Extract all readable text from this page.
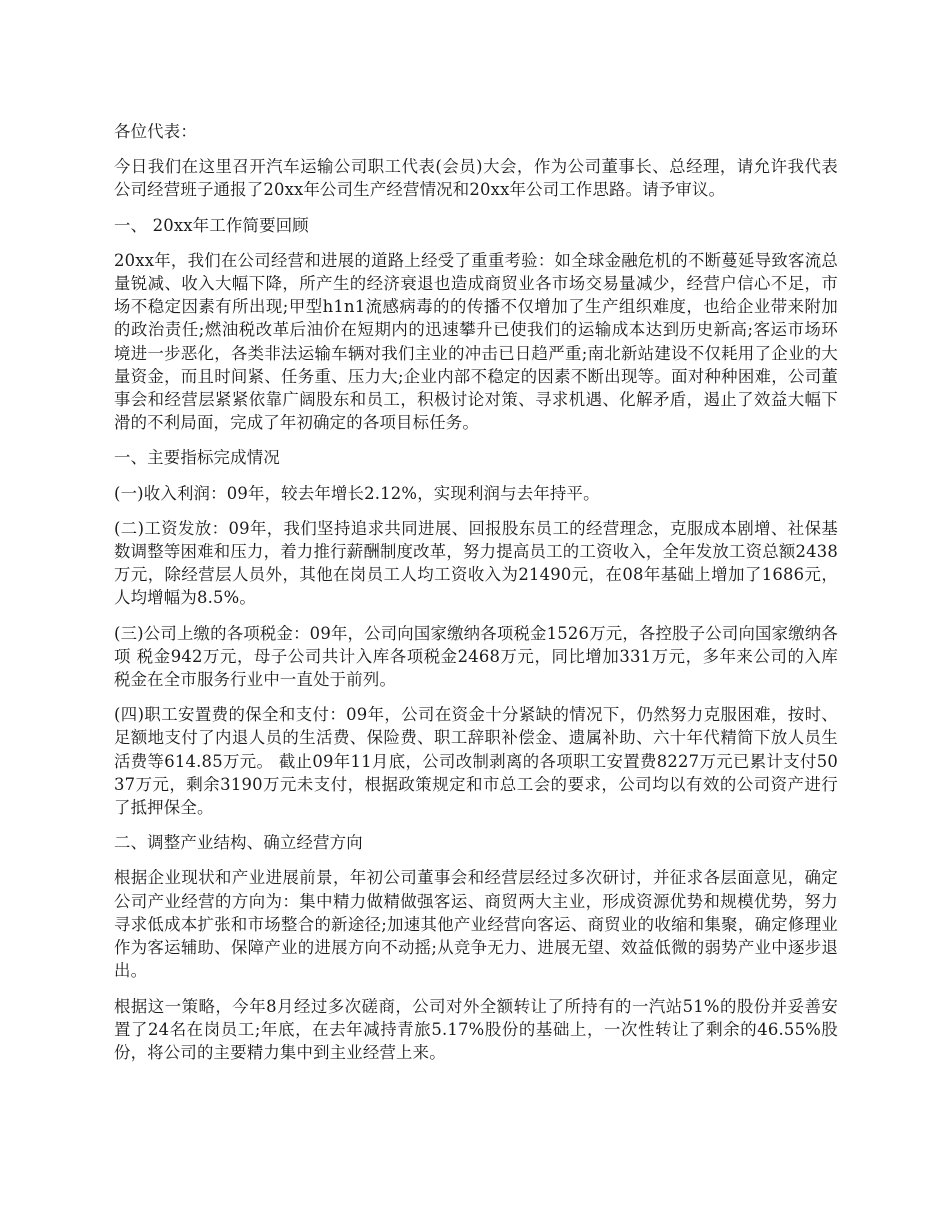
各位代表：

今日我们在这里召开汽车运输公司职工代表(会员)大会，作为公司董事长、总经理，请允许我代表公司经营班子通报了20xx年公司生产经营情况和20xx年公司工作思路。请予审议。

一、 20xx年工作简要回顾

20xx年，我们在公司经营和进展的道路上经受了重重考验：如全球金融危机的不断蔓延导致客流总量锐减、收入大幅下降，所产生的经济衰退也造成商贸业各市场交易量减少，经营户信心不足，市场不稳定因素有所出现;甲型h1n1流感病毒的的传播不仅增加了生产组织难度，也给企业带来附加的政治责任;燃油税改革后油价在短期内的迅速攀升已使我们的运输成本达到历史新高;客运市场环境进一步恶化，各类非法运输车辆对我们主业的冲击已日趋严重;南北新站建设不仅耗用了企业的大量资金，而且时间紧、任务重、压力大;企业内部不稳定的因素不断出现等。面对种种困难，公司董事会和经营层紧紧依靠广阔股东和员工，积极讨论对策、寻求机遇、化解矛盾，遏止了效益大幅下滑的不利局面，完成了年初确定的各项目标任务。

一、主要指标完成情况

(一)收入利润：09年，较去年增长2.12%，实现利润与去年持平。

(二)工资发放：09年，我们坚持追求共同进展、回报股东员工的经营理念，克服成本剧增、社保基数调整等困难和压力，着力推行薪酬制度改革，努力提高员工的工资收入，全年发放工资总额2438万元，除经营层人员外，其他在岗员工人均工资收入为21490元，在08年基础上增加了1686元，人均增幅为8.5%。

(三)公司上缴的各项税金：09年，公司向国家缴纳各项税金1526万元，各控股子公司向国家缴纳各项 税金942万元，母子公司共计入库各项税金2468万元，同比增加331万元，多年来公司的入库税金在全市服务行业中一直处于前列。

(四)职工安置费的保全和支付：09年，公司在资金十分紧缺的情况下，仍然努力克服困难，按时、足额地支付了内退人员的生活费、保险费、职工辞职补偿金、遗属补助、六十年代精简下放人员生活费等614.85万元。 截止09年11月底，公司改制剥离的各项职工安置费8227万元已累计支付5037万元，剩余3190万元未支付，根据政策规定和市总工会的要求，公司均以有效的公司资产进行了抵押保全。

二、调整产业结构、确立经营方向

根据企业现状和产业进展前景，年初公司董事会和经营层经过多次研讨，并征求各层面意见，确定公司产业经营的方向为：集中精力做精做强客运、商贸两大主业，形成资源优势和规模优势，努力寻求低成本扩张和市场整合的新途径;加速其他产业经营向客运、商贸业的收缩和集聚，确定修理业作为客运辅助、保障产业的进展方向不动摇;从竞争无力、进展无望、效益低微的弱势产业中逐步退出。

根据这一策略，今年8月经过多次磋商，公司对外全额转让了所持有的一汽站51%的股份并妥善安置了24名在岗员工;年底，在去年减持青旅5.17%股份的基础上，一次性转让了剩余的46.55%股份，将公司的主要精力集中到主业经营上来。
